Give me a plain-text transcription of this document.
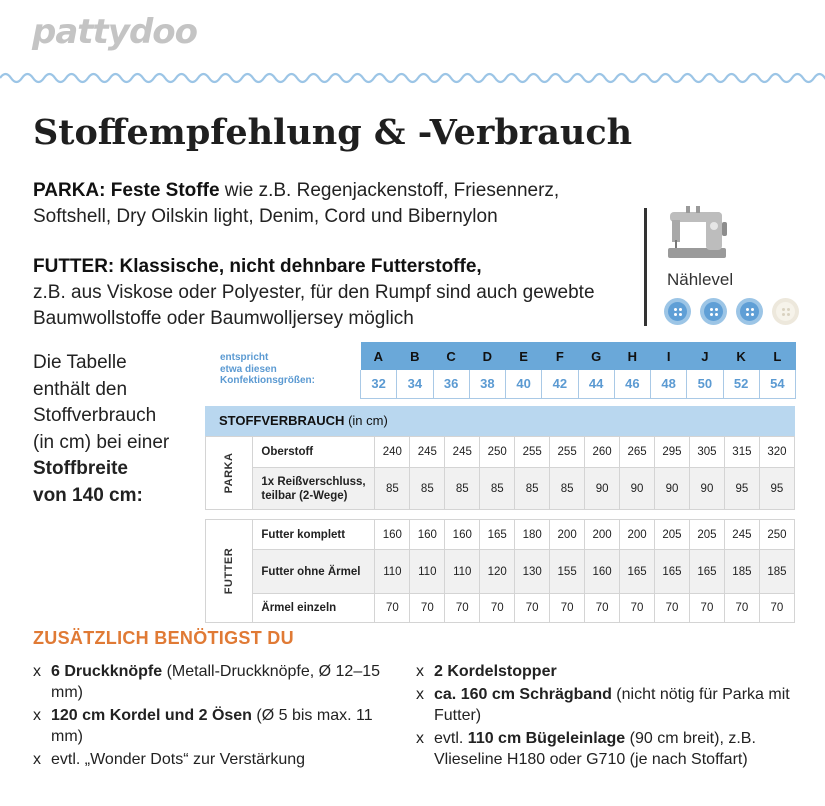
pattydoo
Stoffempfehlung & -Verbrauch

PARKA: Feste Stoffe wie z.B. Regenjackenstoff, Friesennerz, Softshell, Dry Oilskin light, Denim, Cord und Bibernylon

FUTTER: Klassische, nicht dehnbare Futterstoffe,
z.B. aus Viskose oder Polyester, für den Rumpf sind auch gewebte Baumwollstoffe oder Baumwolljersey möglich

Nählevel
Die Tabelle
enthält den
Stoffverbrauch
(in cm) bei einer
Stoffbreite
von 140 cm:
entspricht
etwa diesen
Konfektionsgrößen:
A	B	C	D	E	F	G	H	I	J	K	L
32	34	36	38	40	42	44	46	48	50	52	54
STOFFVERBRAUCH (in cm)
PARKA	Oberstoff	240	245	245	250	255	255	260	265	295	305	315	320
	1x Reißverschluss, teilbar (2-Wege)	85	85	85	85	85	85	90	90	90	90	95	95

FUTTER	Futter komplett	160	160	160	165	180	200	200	200	205	205	245	250
	Futter ohne Ärmel	110	110	110	120	130	155	160	165	165	165	185	185
	Ärmel einzeln	70	70	70	70	70	70	70	70	70	70	70	70
ZUSÄTZLICH BENÖTIGST DU
x 6 Druckknöpfe (Metall-Druckknöpfe, Ø 12–15 mm)
x 120 cm Kordel und 2 Ösen (Ø 5 bis max. 11 mm)
x evtl. „Wonder Dots“ zur Verstärkung
x 2 Kordelstopper
x ca. 160 cm Schrägband (nicht nötig für Parka mit Futter)
x evtl. 110 cm Bügeleinlage (90 cm breit), z.B. Vlieseline H180 oder G710 (je nach Stoffart)
